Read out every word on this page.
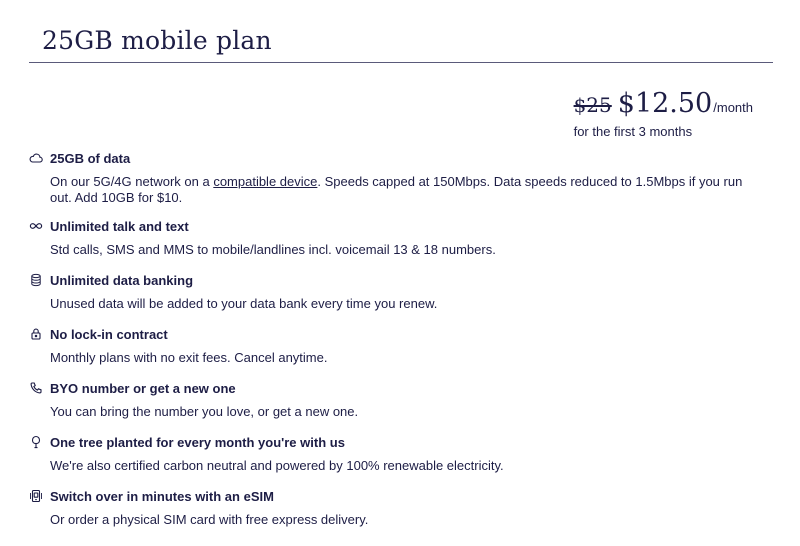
25GB mobile plan
$25 $12.50 /month
for the first 3 months
25GB of data
On our 5G/4G network on a compatible device. Speeds capped at 150Mbps. Data speeds reduced to 1.5Mbps if you run out. Add 10GB for $10.
Unlimited talk and text
Std calls, SMS and MMS to mobile/landlines incl. voicemail 13 & 18 numbers.
Unlimited data banking
Unused data will be added to your data bank every time you renew.
No lock-in contract
Monthly plans with no exit fees. Cancel anytime.
BYO number or get a new one
You can bring the number you love, or get a new one.
One tree planted for every month you're with us
We're also certified carbon neutral and powered by 100% renewable electricity.
Switch over in minutes with an eSIM
Or order a physical SIM card with free express delivery.
